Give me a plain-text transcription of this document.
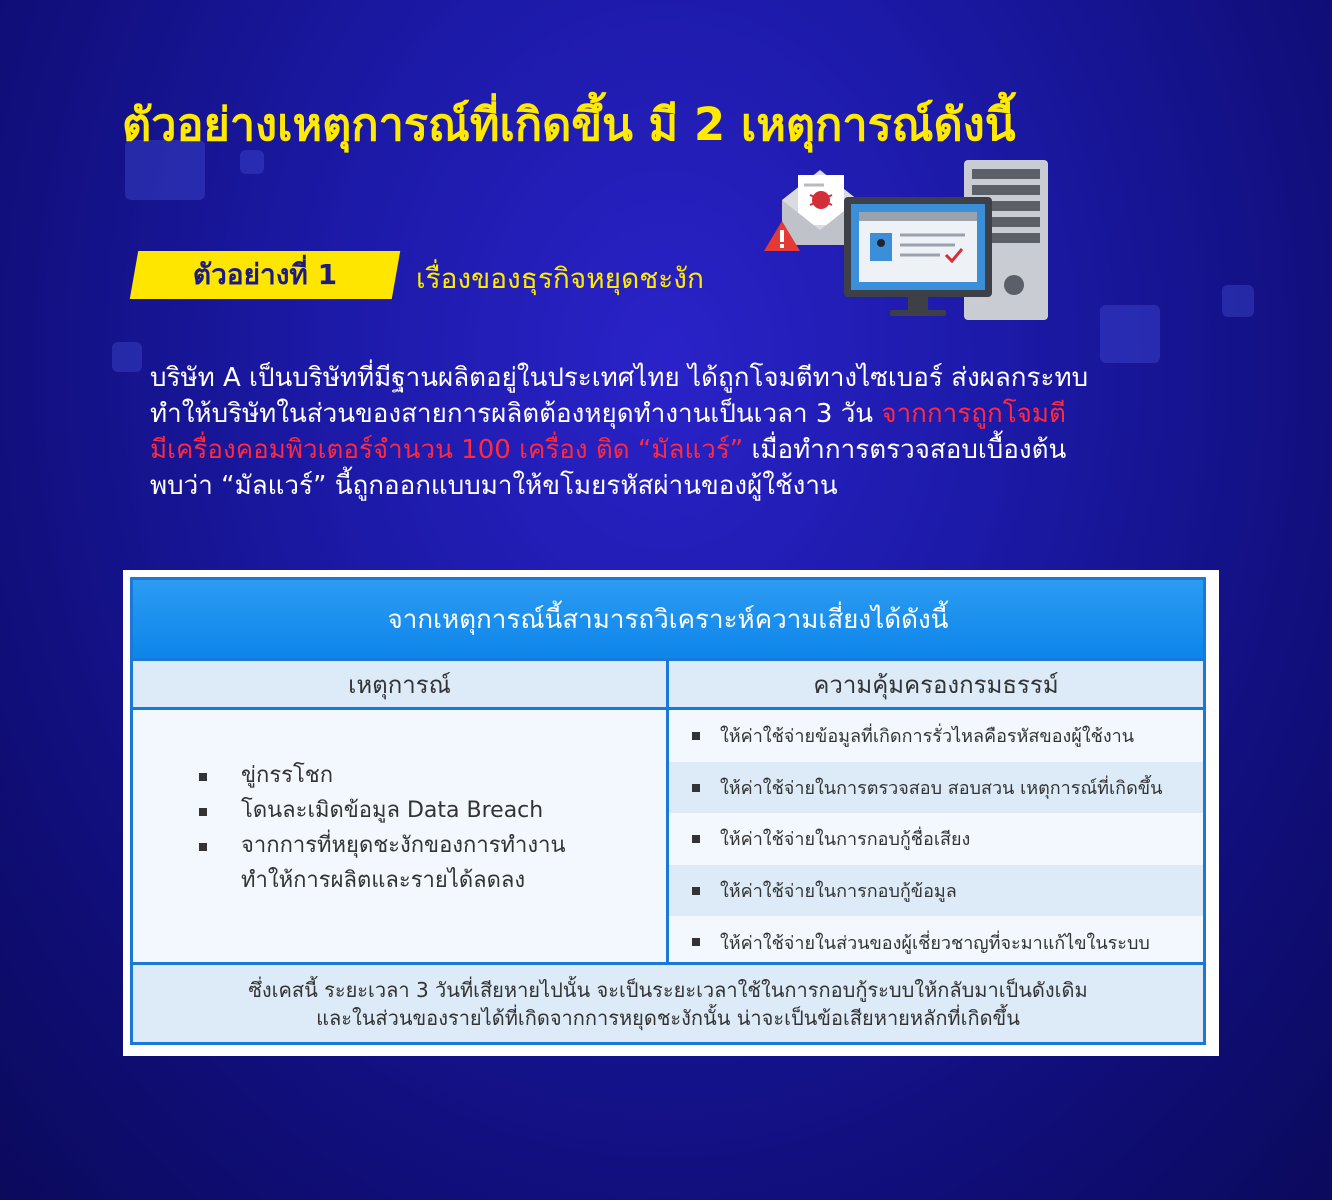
ตัวอย่างเหตุการณ์ที่เกิดขึ้น มี 2 เหตุการณ์ดังนี้
ตัวอย่างที่ 1	เรื่องของธุรกิจหยุดชะงัก

บริษัท A เป็นบริษัทที่มีฐานผลิตอยู่ในประเทศไทย ได้ถูกโจมตีทางไซเบอร์ ส่งผลกระทบ

ทำให้บริษัทในส่วนของสายการผลิตต้องหยุดทำงานเป็นเวลา 3 วัน จากการถูกโจมตี

มีเครื่องคอมพิวเตอร์จำนวน 100 เครื่อง ติด “มัลแวร์” เมื่อทำการตรวจสอบเบื้องต้น

พบว่า “มัลแวร์” นี้ถูกออกแบบมาให้ขโมยรหัสผ่านของผู้ใช้งาน

จากเหตุการณ์นี้สามารถวิเคราะห์ความเสี่ยงได้ดังนี้
เหตุการณ์	ความคุ้มครองกรมธรรม์
ขู่กรรโชก
โดนละเมิดข้อมูล Data Breach
จากการที่หยุดชะงักของการทำงาน
ทำให้การผลิตและรายได้ลดลง
ให้ค่าใช้จ่ายข้อมูลที่เกิดการรั่วไหลคือรหัสของผู้ใช้งาน
ให้ค่าใช้จ่ายในการตรวจสอบ สอบสวน เหตุการณ์ที่เกิดขึ้น
ให้ค่าใช้จ่ายในการกอบกู้ชื่อเสียง
ให้ค่าใช้จ่ายในการกอบกู้ข้อมูล
ให้ค่าใช้จ่ายในส่วนของผู้เชี่ยวชาญที่จะมาแก้ไขในระบบ
ซึ่งเคสนี้ ระยะเวลา 3 วันที่เสียหายไปนั้น จะเป็นระยะเวลาใช้ในการกอบกู้ระบบให้กลับมาเป็นดังเดิม
และในส่วนของรายได้ที่เกิดจากการหยุดชะงักนั้น น่าจะเป็นข้อเสียหายหลักที่เกิดขึ้น
